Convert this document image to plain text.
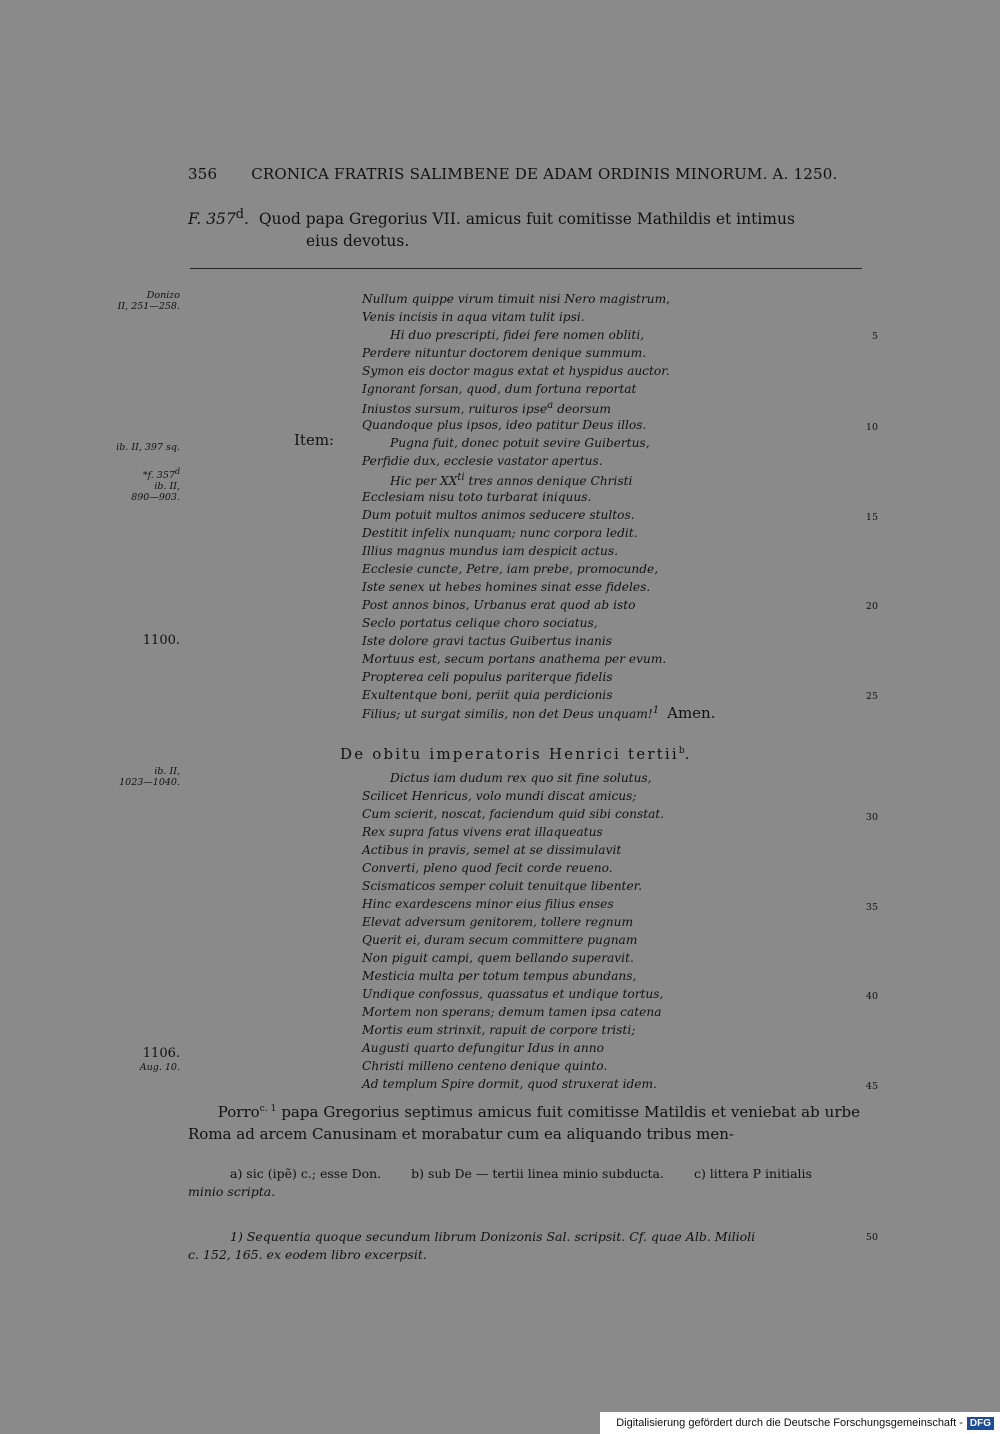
356 CRONICA FRATRIS SALIMBENE DE ADAM ORDINIS MINORUM. A. 1250.
F. 357$^d$.  Quod papa Gregorius VII. amicus fuit comitisse Mathildis et intimus
eius devotus.
Donizo
II, 251—258.
ib. II, 397 sq.
*f. 357$^d$
ib. II,
890—903.
1100.
ib. II,
1023—1040.
1106.
Aug. 10.
Item:
Nullum quippe virum timuit nisi Nero magistrum,
Venis incisis in aqua vitam tulit ipsi.
Hi duo prescripti, fidei fere nomen obliti,
Perdere nituntur doctorem denique summum.
Symon eis doctor magus extat et hyspidus auctor.
Ignorant forsan, quod, dum fortuna reportat
Iniustos sursum, ruituros ipse$^a$ deorsum
Quandoque plus ipsos, ideo patitur Deus illos.
Pugna fuit, donec potuit sevire Guibertus,
Perfidie dux, ecclesie vastator apertus.
Hic per $XX^{ti}$ tres annos denique Christi
Ecclesiam nisu toto turbarat iniquus.
Dum potuit multos animos seducere stultos.
Destitit infelix nunquam; nunc corpora ledit.
Illius magnus mundus iam despicit actus.
Ecclesie cuncte, Petre, iam prebe, promocunde,
Iste senex ut hebes homines sinat esse fideles.
Post annos binos, Urbanus erat quod ab isto
Seclo portatus celique choro sociatus,
Iste dolore gravi tactus Guibertus inanis
Mortuus est, secum portans anathema per evum.
Propterea celi populus pariterque fidelis
Exultentque boni, periit quia perdicionis
Filius; ut surgat similis, non det Deus unquam!$^1$ Amen.
5
10
15
20
25
De obitu imperatoris Henrici tertii$^b$.
Dictus iam dudum rex quo sit fine solutus,
Scilicet Henricus, volo mundi discat amicus;
Cum scierit, noscat, faciendum quid sibi constat.
Rex supra fatus vivens erat illaqueatus
Actibus in pravis, semel at se dissimulavit
Converti, pleno quod fecit corde reueno.
Scismaticos semper coluit tenuitque libenter.
Hinc exardescens minor eius filius enses
Elevat adversum genitorem, tollere regnum
Querit ei, duram secum committere pugnam
Non piguit campi, quem bellando superavit.
Mesticia multa per totum tempus abundans,
Undique confossus, quassatus et undique tortus,
Mortem non sperans; demum tamen ipsa catena
Mortis eum strinxit, rapuit de corpore tristi;
Augusti quarto defungitur Idus in anno
Christi milleno centeno denique quinto.
Ad templum Spire dormit, quod struxerat idem.
30
35
40
45
Porro$^{c. 1}$ papa Gregorius septimus amicus fuit comitisse Matildis et veniebat ab urbe Roma ad arcem Canusinam et morabatur cum ea aliquando tribus men-
a) sic (ipẽ) c.; esse Don. b) sub De — tertii linea minio subducta. c) littera P initialis
minio scripta.
1) Sequentia quoque secundum librum Donizonis Sal. scripsit. Cf. quae Alb. Milioli
c. 152, 165. ex eodem libro excerpsit.
50
Digitalisierung gefördert durch die Deutsche Forschungsgemeinschaft - DFG
